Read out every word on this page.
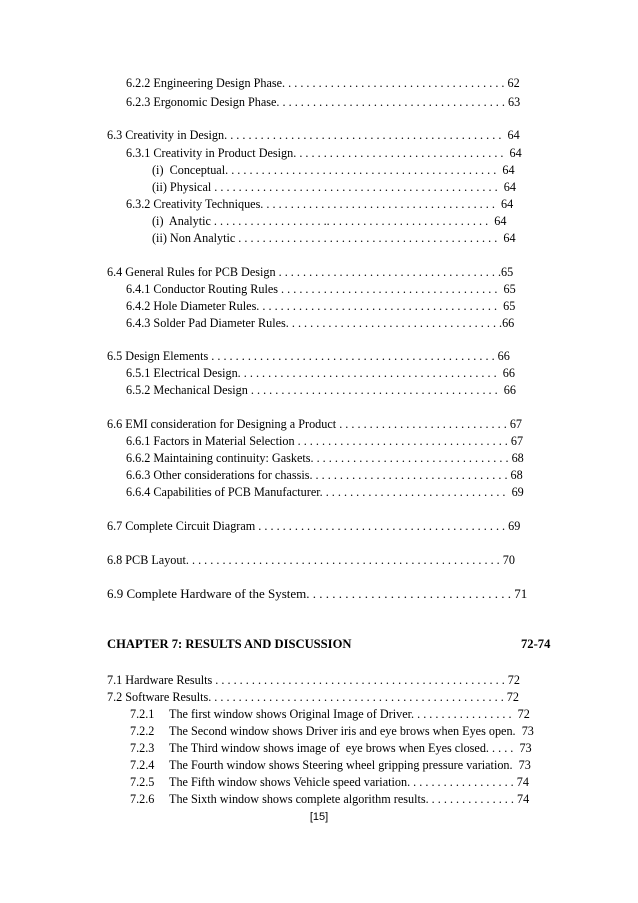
6.2.2 Engineering Design Phase. . . . . . . . . . . . . . . . . . . . . . . . . . . . . . . . . . . . . 62
6.2.3 Ergonomic Design Phase. . . . . . . . . . . . . . . . . . . . . . . . . . . . . . . . . . . . . . 63
6.3 Creativity in Design. . . . . . . . . . . . . . . . . . . . . . . . . . . . . . . . . . . . . . . . . . . . . .  64
6.3.1 Creativity in Product Design. . . . . . . . . . . . . . . . . . . . . . . . . . . . . . . . . . .  64
(i)  Conceptual. . . . . . . . . . . . . . . . . . . . . . . . . . . . . . . . . . . . . . . . . . . . .  64
(ii) Physical . . . . . . . . . . . . . . . . . . . . . . . . . . . . . . . . . . . . . . . . . . . . . . .  64
6.3.2 Creativity Techniques. . . . . . . . . . . . . . . . . . . . . . . . . . . . . . . . . . . . . . .  64
(i)  Analytic . . . . . . . . . . . . . . . . . . .. . . . . . . . . . . . . . . . . . . . . . . . . . .  64
(ii) Non Analytic . . . . . . . . . . . . . . . . . . . . . . . . . . . . . . . . . . . . . . . . . . .  64
6.4 General Rules for PCB Design . . . . . . . . . . . . . . . . . . . . . . . . . . . . . . . . . . . . .65
6.4.1 Conductor Routing Rules . . . . . . . . . . . . . . . . . . . . . . . . . . . . . . . . . . . .  65
6.4.2 Hole Diameter Rules. . . . . . . . . . . . . . . . . . . . . . . . . . . . . . . . . . . . . . . .  65
6.4.3 Solder Pad Diameter Rules. . . . . . . . . . . . . . . . . . . . . . . . . . . . . . . . . . . .66
6.5 Design Elements . . . . . . . . . . . . . . . . . . . . . . . . . . . . . . . . . . . . . . . . . . . . . . . 66
6.5.1 Electrical Design. . . . . . . . . . . . . . . . . . . . . . . . . . . . . . . . . . . . . . . . . . .  66
6.5.2 Mechanical Design . . . . . . . . . . . . . . . . . . . . . . . . . . . . . . . . . . . . . . . . .  66
6.6 EMI consideration for Designing a Product . . . . . . . . . . . . . . . . . . . . . . . . . . . . 67
6.6.1 Factors in Material Selection . . . . . . . . . . . . . . . . . . . . . . . . . . . . . . . . . . . 67
6.6.2 Maintaining continuity: Gaskets. . . . . . . . . . . . . . . . . . . . . . . . . . . . . . . . . 68
6.6.3 Other considerations for chassis. . . . . . . . . . . . . . . . . . . . . . . . . . . . . . . . . 68
6.6.4 Capabilities of PCB Manufacturer. . . . . . . . . . . . . . . . . . . . . . . . . . . . . . .  69
6.7 Complete Circuit Diagram . . . . . . . . . . . . . . . . . . . . . . . . . . . . . . . . . . . . . . . . . 69
6.8 PCB Layout. . . . . . . . . . . . . . . . . . . . . . . . . . . . . . . . . . . . . . . . . . . . . . . . . . . . 70
6.9 Complete Hardware of the System. . . . . . . . . . . . . . . . . . . . . . . . . . . . . . . . 71
CHAPTER 7: RESULTS AND DISCUSSION	72-74
7.1 Hardware Results . . . . . . . . . . . . . . . . . . . . . . . . . . . . . . . . . . . . . . . . . . . . . . . . 72
7.2 Software Results. . . . . . . . . . . . . . . . . . . . . . . . . . . . . . . . . . . . . . . . . . . . . . . . . 72
7.2.1 The first window shows Original Image of Driver. . . . . . . . . . . . . . . . .  72
7.2.2 The Second window shows Driver iris and eye brows when Eyes open.  73
7.2.3 The Third window shows image of  eye brows when Eyes closed. . . . .  73
7.2.4 The Fourth window shows Steering wheel gripping pressure variation.  73
7.2.5 The Fifth window shows Vehicle speed variation. . . . . . . . . . . . . . . . . . 74
7.2.6 The Sixth window shows complete algorithm results. . . . . . . . . . . . . . . 74
[15]
